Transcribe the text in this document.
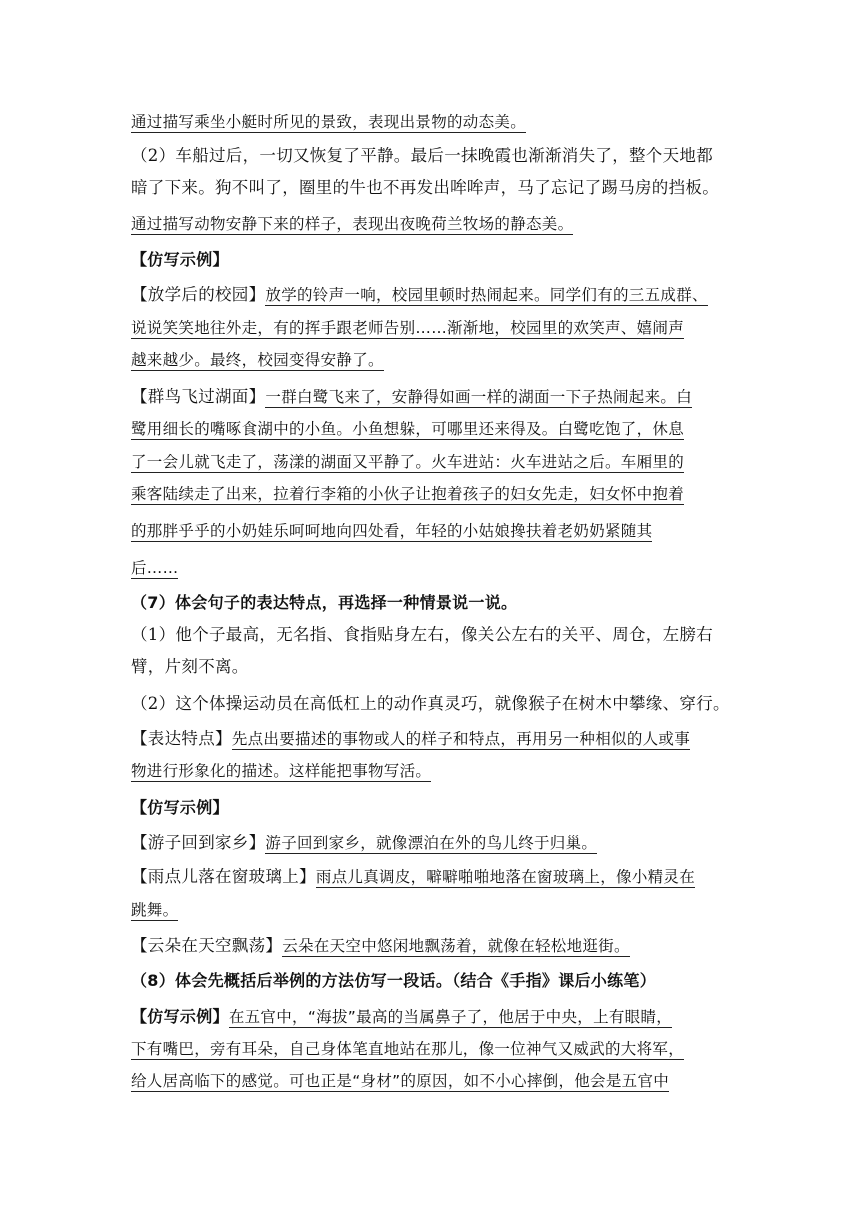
通过描写乘坐小艇时所见的景致，表现出景物的动态美。
（2）车船过后，一切又恢复了平静。最后一抹晚霞也渐渐消失了，整个天地都
暗了下来。狗不叫了，圈里的牛也不再发出哞哞声，马了忘记了踢马房的挡板。
通过描写动物安静下来的样子，表现出夜晚荷兰牧场的静态美。
【仿写示例】
【放学后的校园】放学的铃声一响，校园里顿时热闹起来。同学们有的三五成群、
说说笑笑地往外走，有的挥手跟老师告别……渐渐地，校园里的欢笑声、嬉闹声
越来越少。最终，校园变得安静了。
【群鸟飞过湖面】一群白鹭飞来了，安静得如画一样的湖面一下子热闹起来。白
鹭用细长的嘴啄食湖中的小鱼。小鱼想躲，可哪里还来得及。白鹭吃饱了，休息
了一会儿就飞走了，荡漾的湖面又平静了。火车进站：火车进站之后。车厢里的
乘客陆续走了出来，拉着行李箱的小伙子让抱着孩子的妇女先走，妇女怀中抱着
的那胖乎乎的小奶娃乐呵呵地向四处看，年轻的小姑娘搀扶着老奶奶紧随其
后……
（7）体会句子的表达特点，再选择一种情景说一说。
（1）他个子最高，无名指、食指贴身左右，像关公左右的关平、周仓，左膀右
臂，片刻不离。
（2）这个体操运动员在高低杠上的动作真灵巧，就像猴子在树木中攀缘、穿行。
【表达特点】先点出要描述的事物或人的样子和特点，再用另一种相似的人或事
物进行形象化的描述。这样能把事物写活。
【仿写示例】
【游子回到家乡】游子回到家乡，就像漂泊在外的鸟儿终于归巢。
【雨点儿落在窗玻璃上】雨点儿真调皮，噼噼啪啪地落在窗玻璃上，像小精灵在
跳舞。
【云朵在天空飘荡】云朵在天空中悠闲地飘荡着，就像在轻松地逛街。
（8）体会先概括后举例的方法仿写一段话。（结合《手指》课后小练笔）
【仿写示例】在五官中，“海拔”最高的当属鼻子了，他居于中央，上有眼睛，
下有嘴巴，旁有耳朵，自己身体笔直地站在那儿，像一位神气又威武的大将军，
给人居高临下的感觉。可也正是“身材”的原因，如不小心摔倒，他会是五官中
